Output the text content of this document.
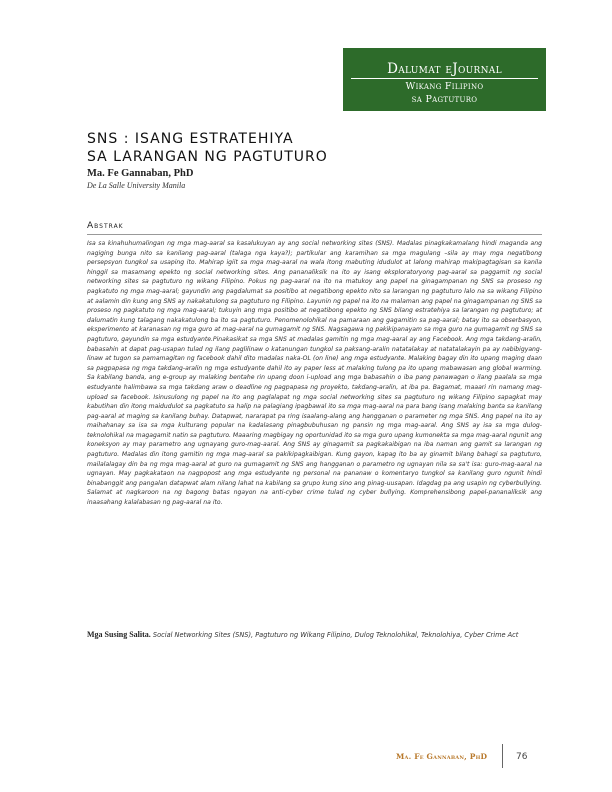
Dalumat eJournal
Wikang Filipino
sa Pagtuturo
SNS : ISANG ESTRATEHIYA
SA LARANGAN NG PAGTUTURO
Ma. Fe Gannaban, PhD
De La Salle University Manila
Abstrak

Isa sa kinahuhumalingan ng mga mag-aaral sa kasalukuyan ay ang social networking sites (SNS). Madalas pinagkakamalang hindi maganda ang nagiging bunga nito sa kanilang pag-aaral (talaga nga kaya?); partikular ang karamihan sa mga magulang –sila ay may mga negatibong persepsyon tungkol sa usaping ito. Mahirap igiit sa mga mag-aaral na wala itong mabuting idudulot at lalong mahirap makipagtagisan sa kanila hinggil sa masamang epekto ng social networking sites. Ang pananaliksik na ito ay isang eksploratoryong pag-aaral sa paggamit ng social networking sites sa pagtuturo ng wikang Filipino. Pokus ng pag-aaral na ito na matukoy ang papel na ginagampanan ng SNS sa proseso ng pagkatuto ng mga mag-aaral; gayundin ang pagdalumat sa positibo at negatibong epekto nito sa larangan ng pagtuturo lalo na sa wikang Filipino at aalamin din kung ang SNS ay nakakatulong sa pagtuturo ng Filipino. Layunin ng papel na ito na malaman ang papel na ginagampanan ng SNS sa proseso ng pagkatuto ng mga mag-aaral; tukuyin ang mga positibo at negatibong epekto ng SNS bilang estratehiya sa larangan ng pagtuturo; at dalumatin kung talagang nakakatulong ba ito sa pagtuturo. Penomenolohikal na pamaraan ang gagamitin sa pag-aaral; batay ito sa obserbasyon, eksperimento at karanasan ng mga guro at mag-aaral na gumagamit ng SNS. Nagsagawa ng pakikipanayam sa mga guro na gumagamit ng SNS sa pagtuturo, gayundin sa mga estudyante.Pinakasikat sa mga SNS at madalas gamitin ng mga mag-aaral ay ang Facebook. Ang mga takdang-aralin, babasahin at dapat pag-usapan tulad ng ilang paglilinaw o katanungan tungkol sa paksang-aralin natatalakay at natatalakayin pa ay nabibigyang-linaw at tugon sa pamamagitan ng facebook dahil dito madalas naka-OL (on line) ang mga estudyante. Malaking bagay din ito upang maging daan sa pagpapasa ng mga takdang-aralin ng mga estudyante dahil ito ay paper less at malaking tulong pa ito upang mabawasan ang global warming. Sa kabilang banda, ang e-group ay malaking bentahe rin upang doon i-upload ang mga babasahin o iba pang panawagan o ilang paalala sa mga estudyante halimbawa sa mga takdang araw o deadline ng pagpapasa ng proyekto, takdang-aralin, at iba pa. Bagamat, maaari rin namang mag-upload sa facebook. Isinusulong ng papel na ito ang paglalapat ng mga social networking sites sa pagtuturo ng wikang Filipino sapagkat may kabutihan din itong maidudulot sa pagkatuto sa halip na palagiang ipagbawal ito sa mga mag-aaral na para bang isang malaking banta sa kanilang pag-aaral at maging sa kanilang buhay. Datapwat, nararapat pa ring isaalang-alang ang hangganan o parameter ng mga SNS. Ang papel na ito ay maihahanay sa isa sa mga kulturang popular na kadalasang pinagbubuhusan ng pansin ng mga mag-aaral. Ang SNS ay isa sa mga dulog- teknolohikal na magagamit natin sa pagtuturo. Maaaring magbigay ng oportunidad ito sa mga guro upang kumonekta sa mga mag-aaral ngunit ang koneksyon ay may parametro ang ugnayang guro-mag-aaral. Ang SNS ay ginagamit sa pagkakaibigan na iba naman ang gamit sa larangan ng pagtuturo. Madalas din itong gamitin ng mga mag-aaral sa pakikipagkaibigan. Kung gayon, kapag ito ba ay ginamit bilang bahagi sa pagtuturo, mailalalagay din ba ng mga mag-aaral at guro na gumagamit ng SNS ang hangganan o parametro ng ugnayan nila sa sa't isa: guro-mag-aaral na ugnayan. May pagkakataon na nagpopost ang mga estudyante ng personal na pananaw o komentaryo tungkol sa kanilang guro ngunit hindi binabanggit ang pangalan datapwat alam nilang lahat na kabilang sa grupo kung sino ang pinag-uusapan. Idagdag pa ang usapin ng cyberbullying. Salamat at nagkaroon na ng bagong batas ngayon na anti-cyber crime tulad ng cyber bullying. Komprehensibong papel-pananaliksik ang inaasahang kalalabasan ng pag-aaral na ito.

Mga Susing Salita. Social Networking Sites (SNS), Pagtuturo ng Wikang Filipino, Dulog Teknolohikal, Teknolohiya, Cyber Crime Act
Ma. Fe Gannaban, PhD	76
